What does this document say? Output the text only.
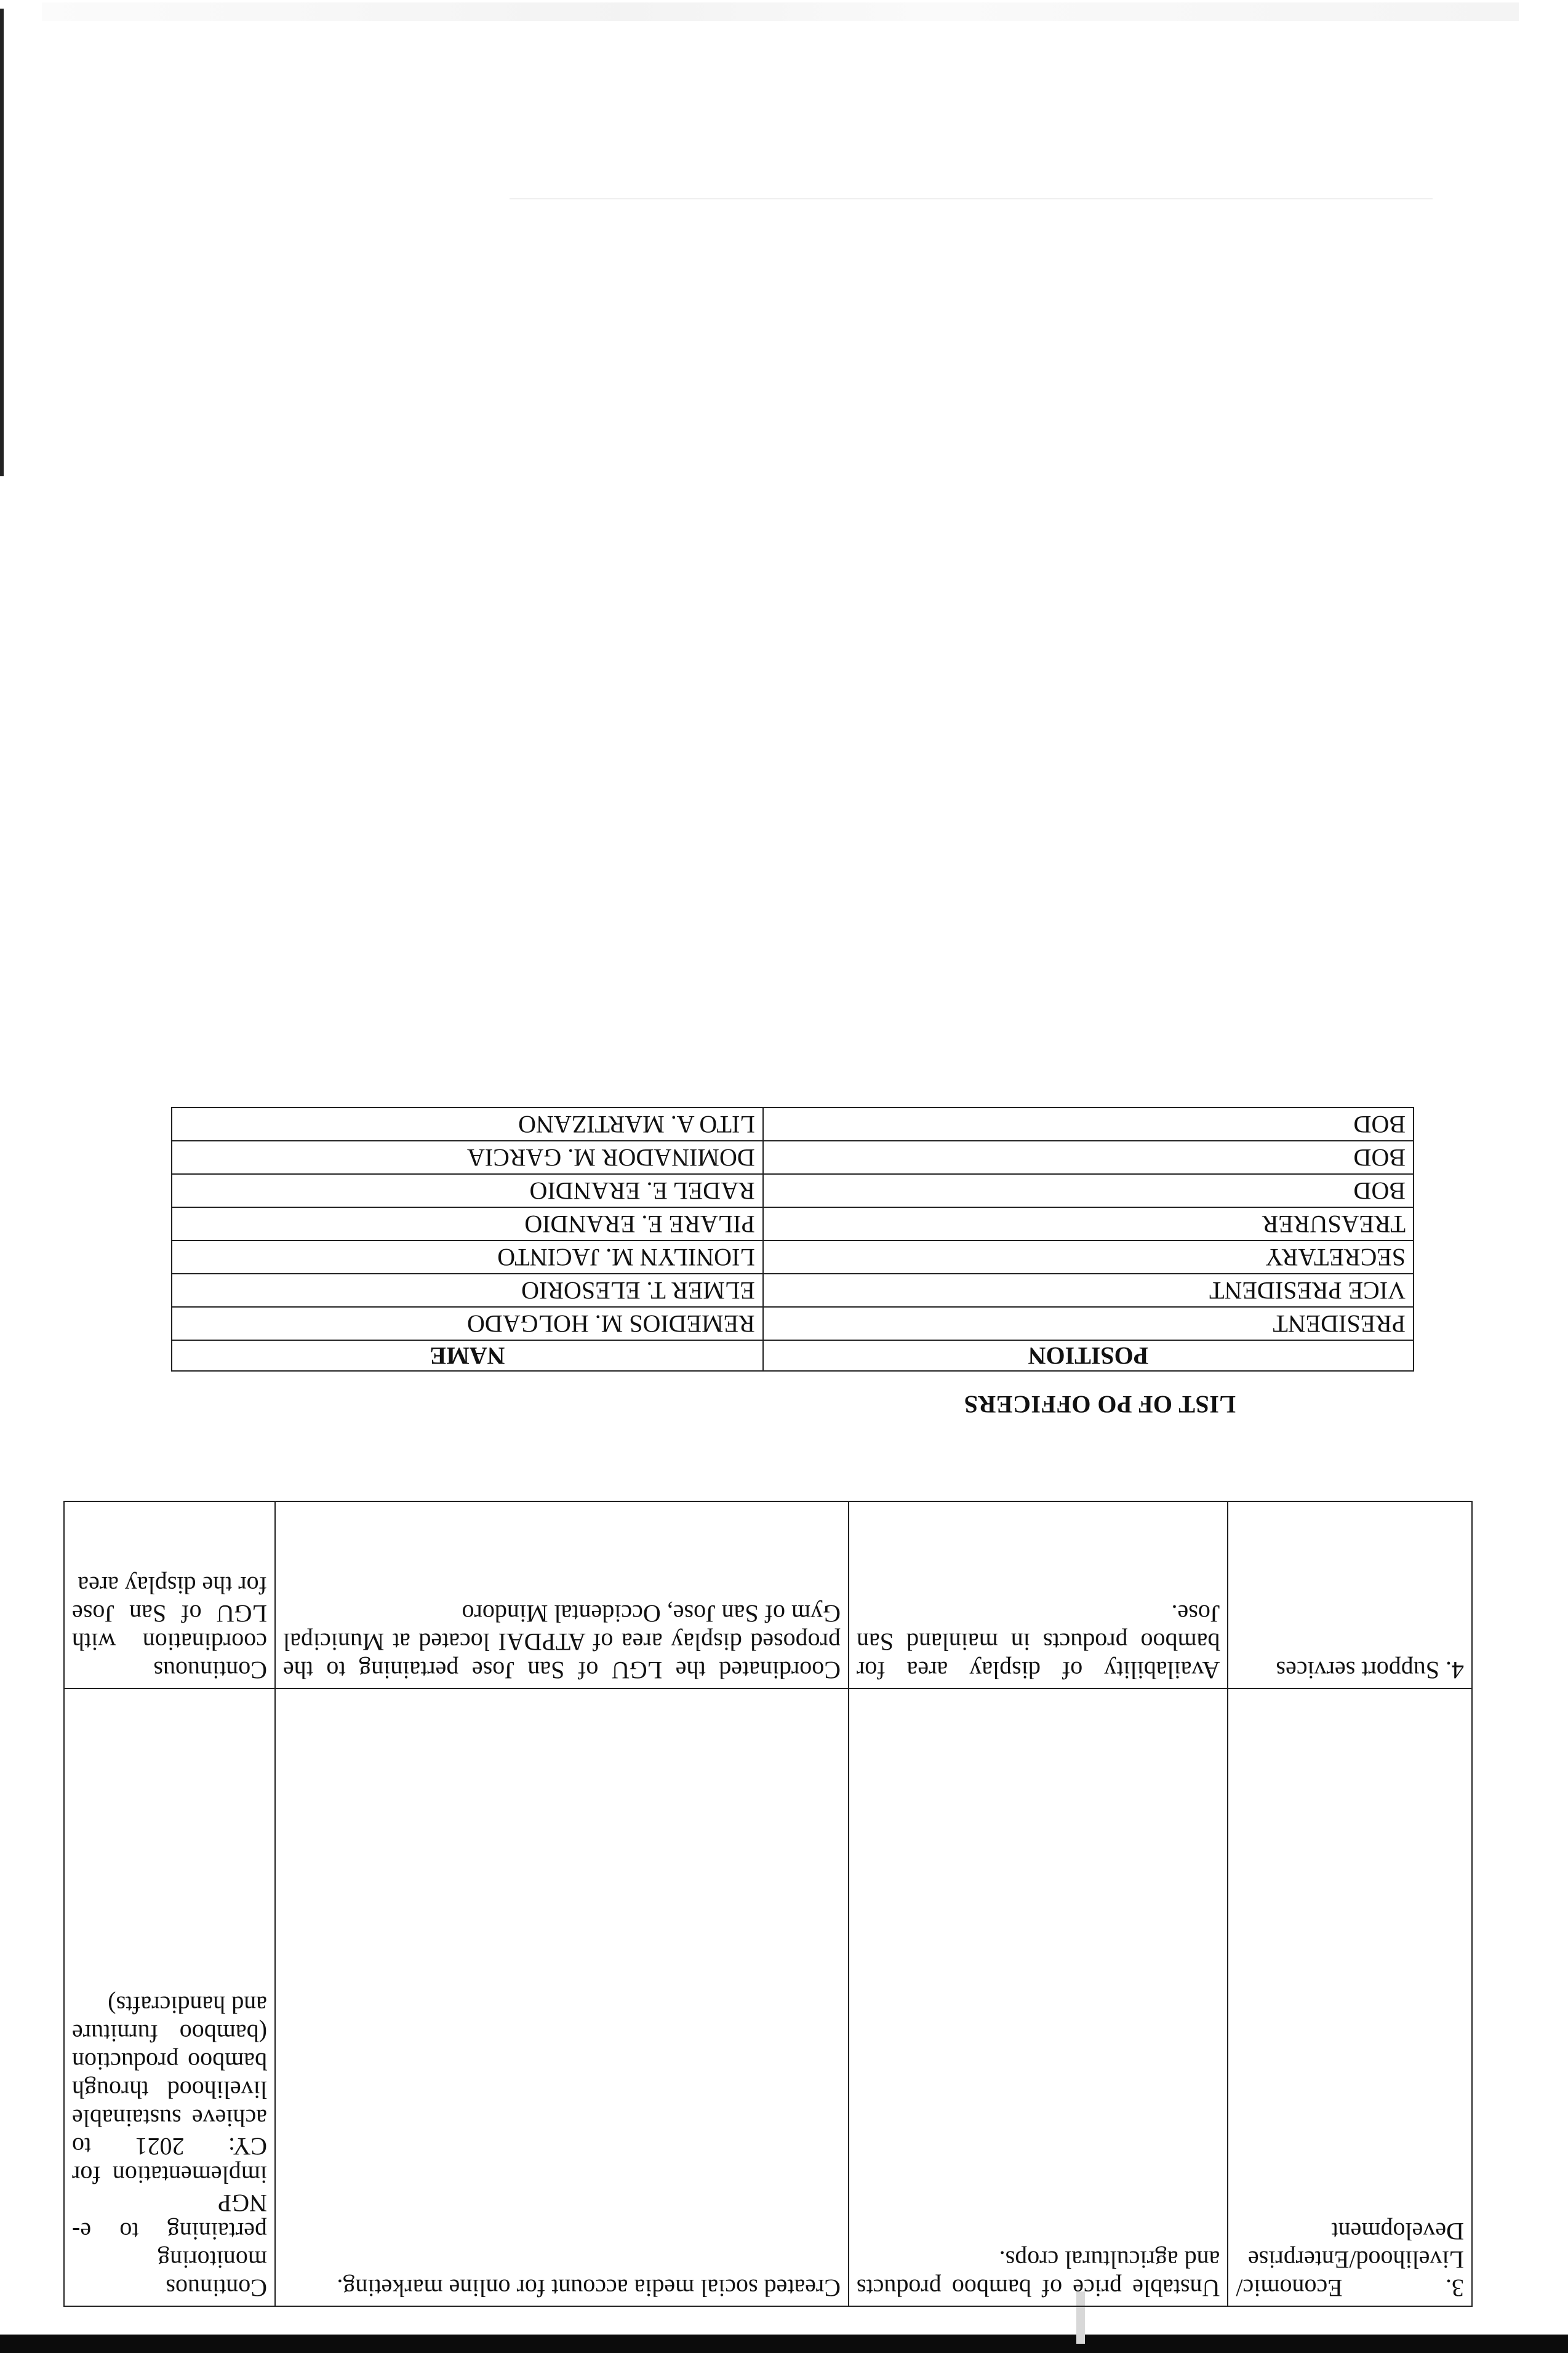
3. Economic/ Livelihood/Enterprise Development	Unstable price of bamboo products and agricultural crops.	Created social media account for online marketing.	Continuos monitoring pertaining to e-NGP implementation for CY: 2021 to achieve sustainable livelihood through bamboo production (bamboo furniture and handicrafts)
4. Support services	Availability of display area for bamboo products in mainland San Jose.	Coordinated the LGU of San Jose pertaining to the proposed display area of ATPDAI located at Municipal Gym of San Jose, Occidental Mindoro	Continuous coordination with LGU of San Jose for the display area
LIST OF PO OFFICERS
POSITION	NAME
PRESIDENT	REMEDIOS M. HOLGADO
VICE PRESIDENT	ELMER T. ELESORIO
SECRETARY	LIONILYN M. JACINTO
TREASURER	PILARE E. ERANDIO
BOD	RADEL E. ERANDIO
BOD	DOMINADOR M. GARCIA
BOD	LITO A. MARTIZANO
